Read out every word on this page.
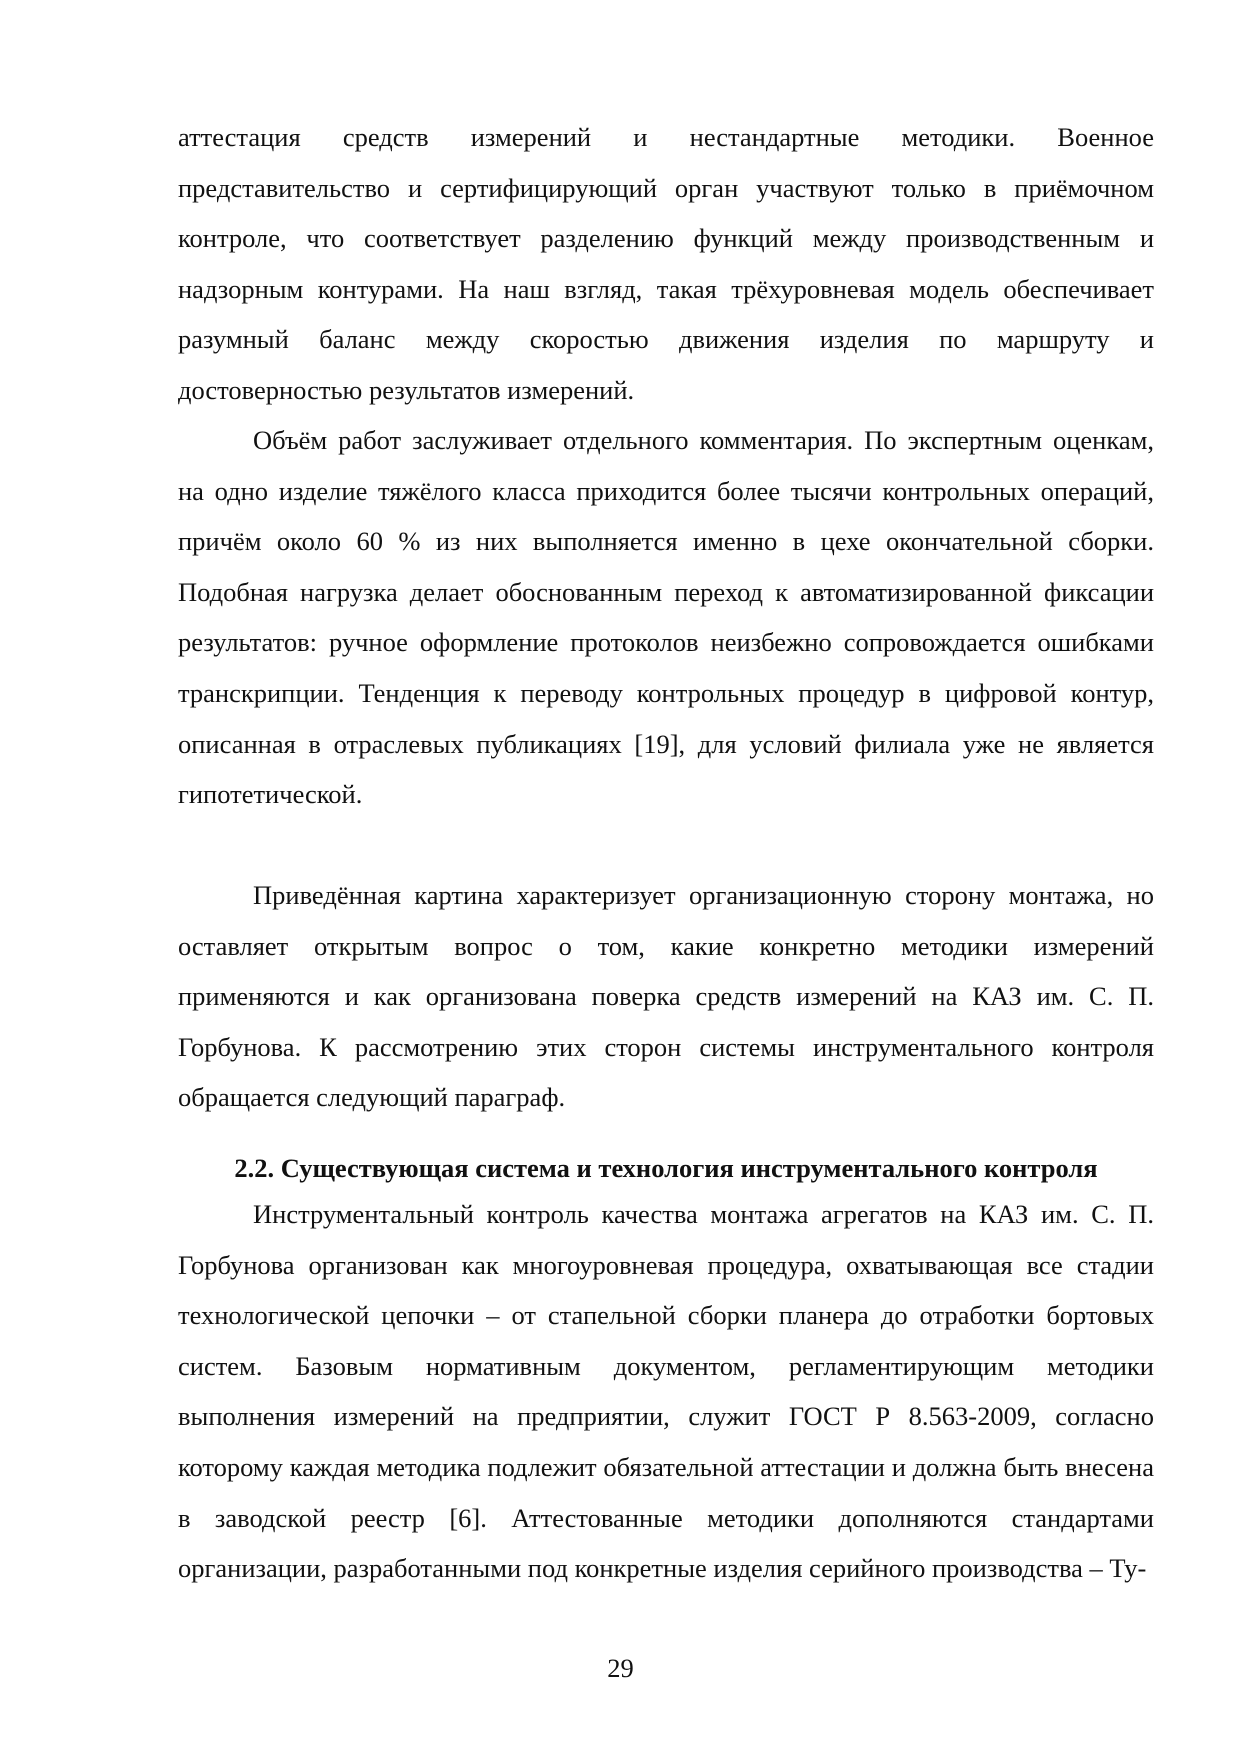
аттестация средств измерений и нестандартные методики. Военное представительство и сертифицирующий орган участвуют только в приёмочном контроле, что соответствует разделению функций между производственным и надзорным контурами. На наш взгляд, такая трёхуровневая модель обеспечивает разумный баланс между скоростью движения изделия по маршруту и достоверностью результатов измерений.

Объём работ заслуживает отдельного комментария. По экспертным оценкам, на одно изделие тяжёлого класса приходится более тысячи контрольных операций, причём около 60 % из них выполняется именно в цехе окончательной сборки. Подобная нагрузка делает обоснованным переход к автоматизированной фиксации результатов: ручное оформление протоколов неизбежно сопровождается ошибками транскрипции. Тенденция к переводу контрольных процедур в цифровой контур, описанная в отраслевых публикациях [19], для условий филиала уже не является гипотетической.

Приведённая картина характеризует организационную сторону монтажа, но оставляет открытым вопрос о том, какие конкретно методики измерений применяются и как организована поверка средств измерений на КАЗ им. С. П. Горбунова. К рассмотрению этих сторон системы инструментального контроля обращается следующий параграф.

2.2. Существующая система и технология инструментального контроля

Инструментальный контроль качества монтажа агрегатов на КАЗ им. С. П. Горбунова организован как многоуровневая процедура, охватывающая все стадии технологической цепочки – от стапельной сборки планера до отработки бортовых систем. Базовым нормативным документом, регламентирующим методики выполнения измерений на предприятии, служит ГОСТ Р 8.563-2009, согласно которому каждая методика подлежит обязательной аттестации и должна быть внесена в заводской реестр [6]. Аттестованные методики дополняются стандартами организации, разработанными под конкретные изделия серийного производства – Ту-

29
